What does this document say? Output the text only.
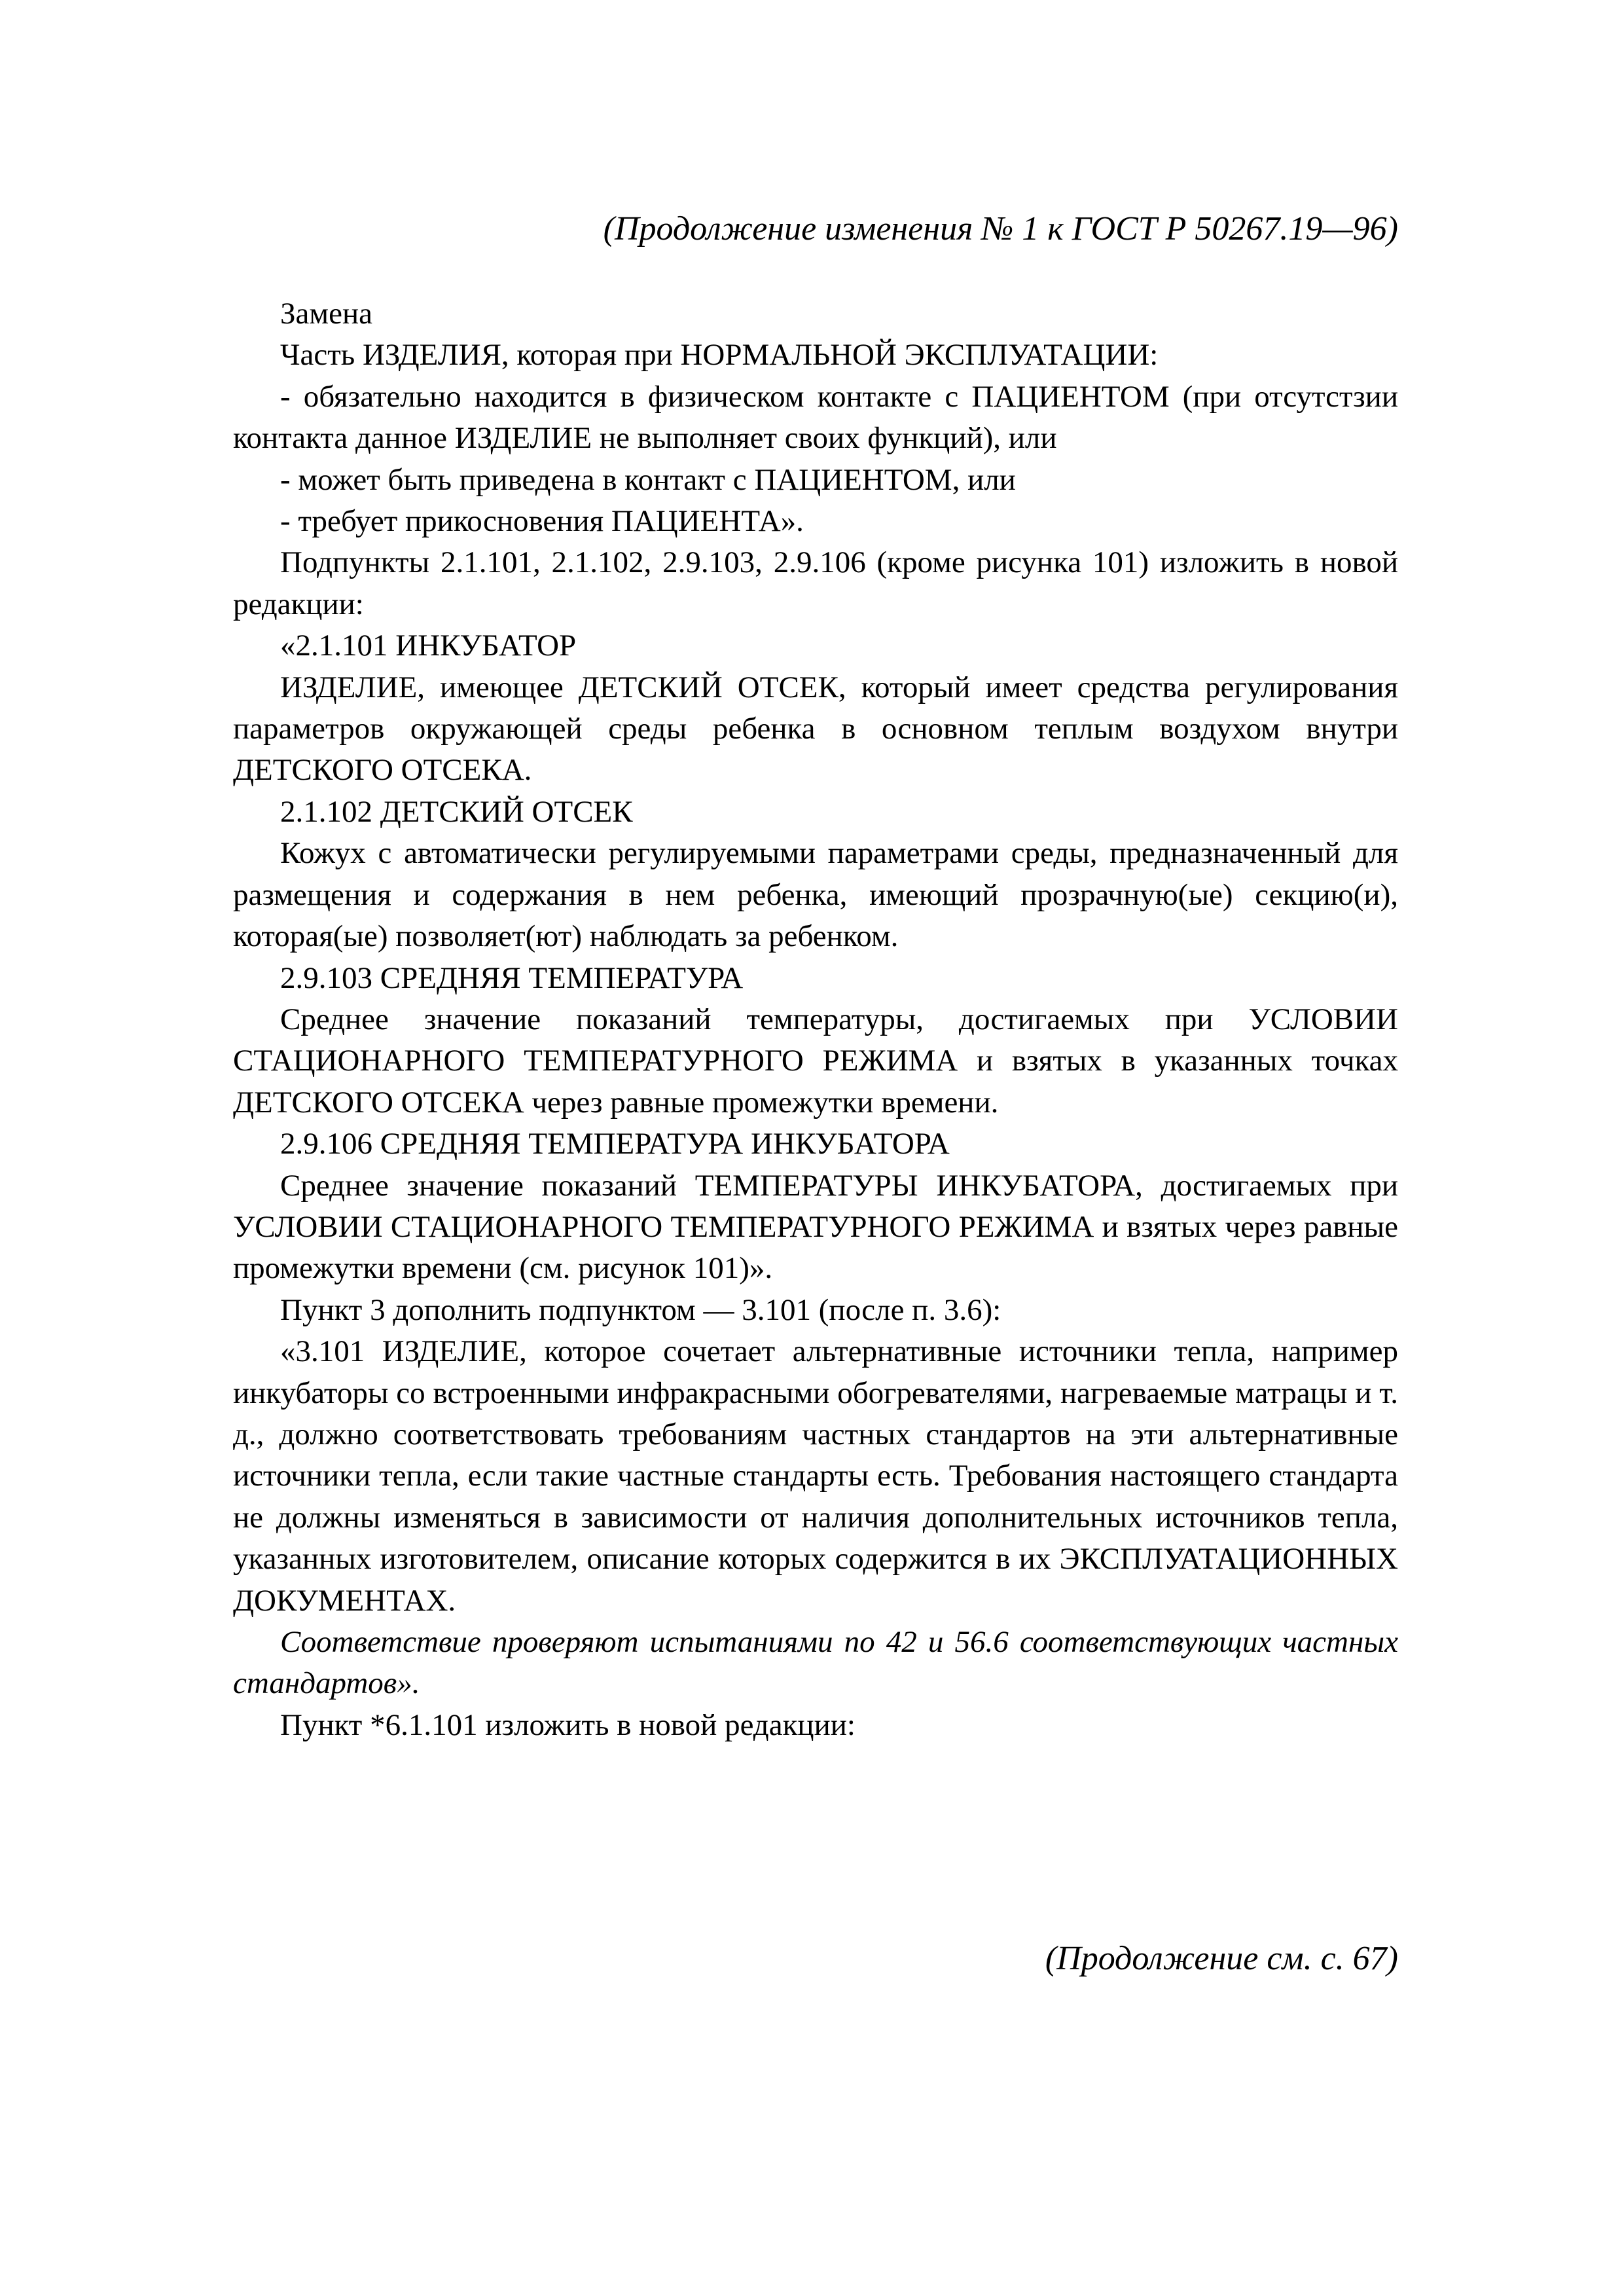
(Продолжение изменения № 1 к ГОСТ Р 50267.19—96)

Замена

Часть ИЗДЕЛИЯ, которая при НОРМАЛЬНОЙ ЭКСПЛУАТАЦИИ:

- обязательно находится в физическом контакте с ПАЦИЕНТОМ (при отсутстзии контакта данное ИЗДЕЛИЕ не выполняет своих функций), или

- может быть приведена в контакт с ПАЦИЕНТОМ, или

- требует прикосновения ПАЦИЕНТА».

Подпункты 2.1.101, 2.1.102, 2.9.103, 2.9.106 (кроме рисунка 101) изложить в новой редакции:

«2.1.101 ИНКУБАТОР

ИЗДЕЛИЕ, имеющее ДЕТСКИЙ ОТСЕК, который имеет средства регулирования параметров окружающей среды ребенка в основном теплым воздухом внутри ДЕТСКОГО ОТСЕКА.

2.1.102 ДЕТСКИЙ ОТСЕК

Кожух с автоматически регулируемыми параметрами среды, предназначенный для размещения и содержания в нем ребенка, имеющий прозрачную(ые) секцию(и), которая(ые) позволяет(ют) наблюдать за ребенком.

2.9.103 СРЕДНЯЯ ТЕМПЕРАТУРА

Среднее значение показаний температуры, достигаемых при УСЛОВИИ СТАЦИОНАРНОГО ТЕМПЕРАТУРНОГО РЕЖИМА и взятых в указанных точках ДЕТСКОГО ОТСЕКА через равные промежутки времени.

2.9.106 СРЕДНЯЯ ТЕМПЕРАТУРА ИНКУБАТОРА

Среднее значение показаний ТЕМПЕРАТУРЫ ИНКУБАТОРА, достигаемых при УСЛОВИИ СТАЦИОНАРНОГО ТЕМПЕРАТУРНОГО РЕЖИМА и взятых через равные промежутки времени (см. рисунок 101)».

Пункт 3 дополнить подпунктом — 3.101 (после п. 3.6):

«3.101 ИЗДЕЛИЕ, которое сочетает альтернативные источники тепла, например инкубаторы со встроенными инфракрасными обогревателями, нагреваемые матрацы и т. д., должно соответствовать требованиям частных стандартов на эти альтернативные источники тепла, если такие частные стандарты есть. Требования настоящего стандарта не должны изменяться в зависимости от наличия дополнительных источников тепла, указанных изготовителем, описание которых содержится в их ЭКСПЛУАТАЦИОННЫХ ДОКУМЕНТАХ.

Соответствие проверяют испытаниями по 42 и 56.6 соответствующих частных стандартов».

Пункт *6.1.101 изложить в новой редакции:

(Продолжение см. с. 67)
